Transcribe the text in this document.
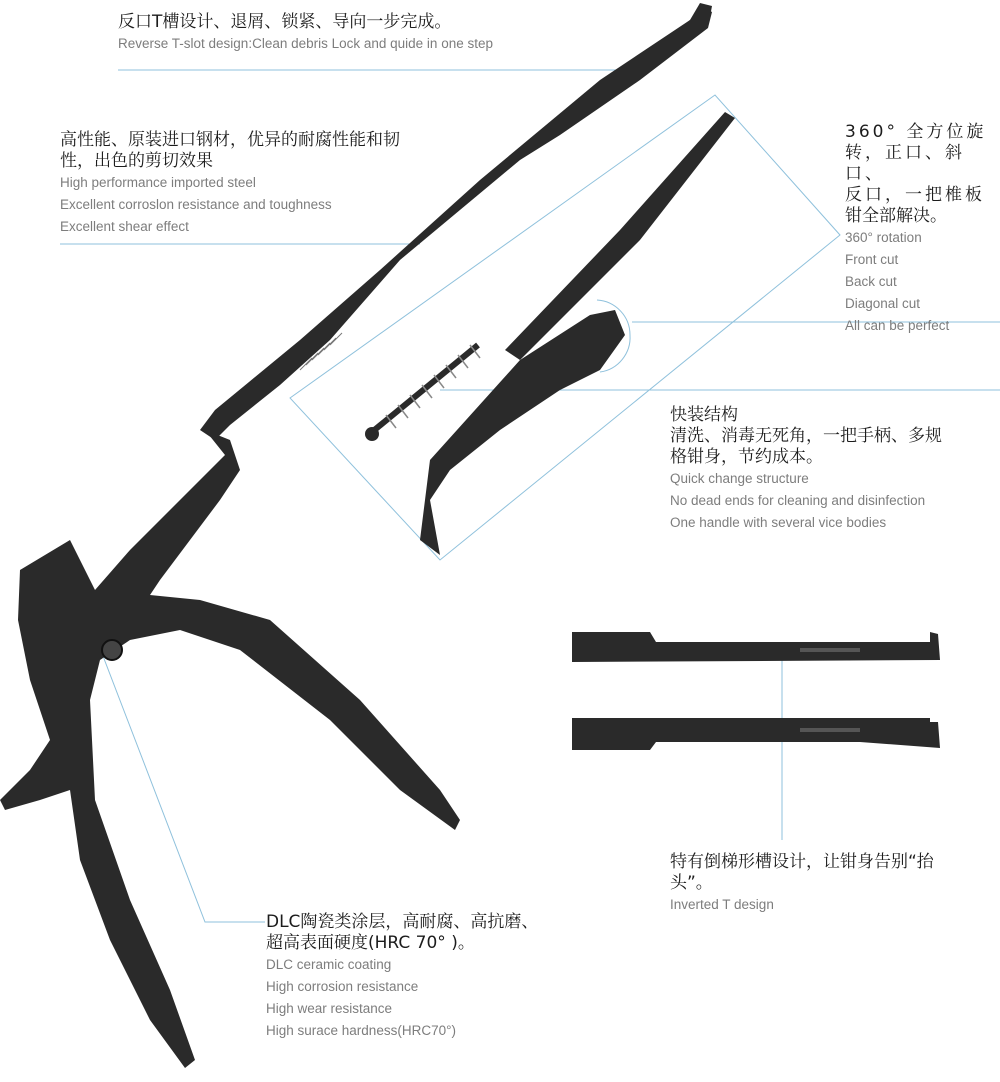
反口T槽设计、退屑、锁紧、导向一步完成。

Reverse T-slot design:Clean debris Lock and quide in one step

高性能、原装进口钢材，优异的耐腐性能和韧

性，出色的剪切效果

High performance imported steel

Excellent corroslon resistance and toughness

Excellent shear effect

360° 全方位旋

转，正口、斜口、

反口，一把椎板

钳全部解决。

360° rotation

Front cut

Back cut

Diagonal cut

All can be perfect

快装结构

清洗、消毒无死角，一把手柄、多规

格钳身，节约成本。

Quick change structure

No dead ends for cleaning and disinfection

One handle with several vice bodies

特有倒梯形槽设计，让钳身告别“抬

头”。

Inverted T design

DLC陶瓷类涂层，高耐腐、高抗磨、

超高表面硬度(HRC 70° )。

DLC ceramic coating

High corrosion resistance

High wear resistance

High surace hardness(HRC70°)
